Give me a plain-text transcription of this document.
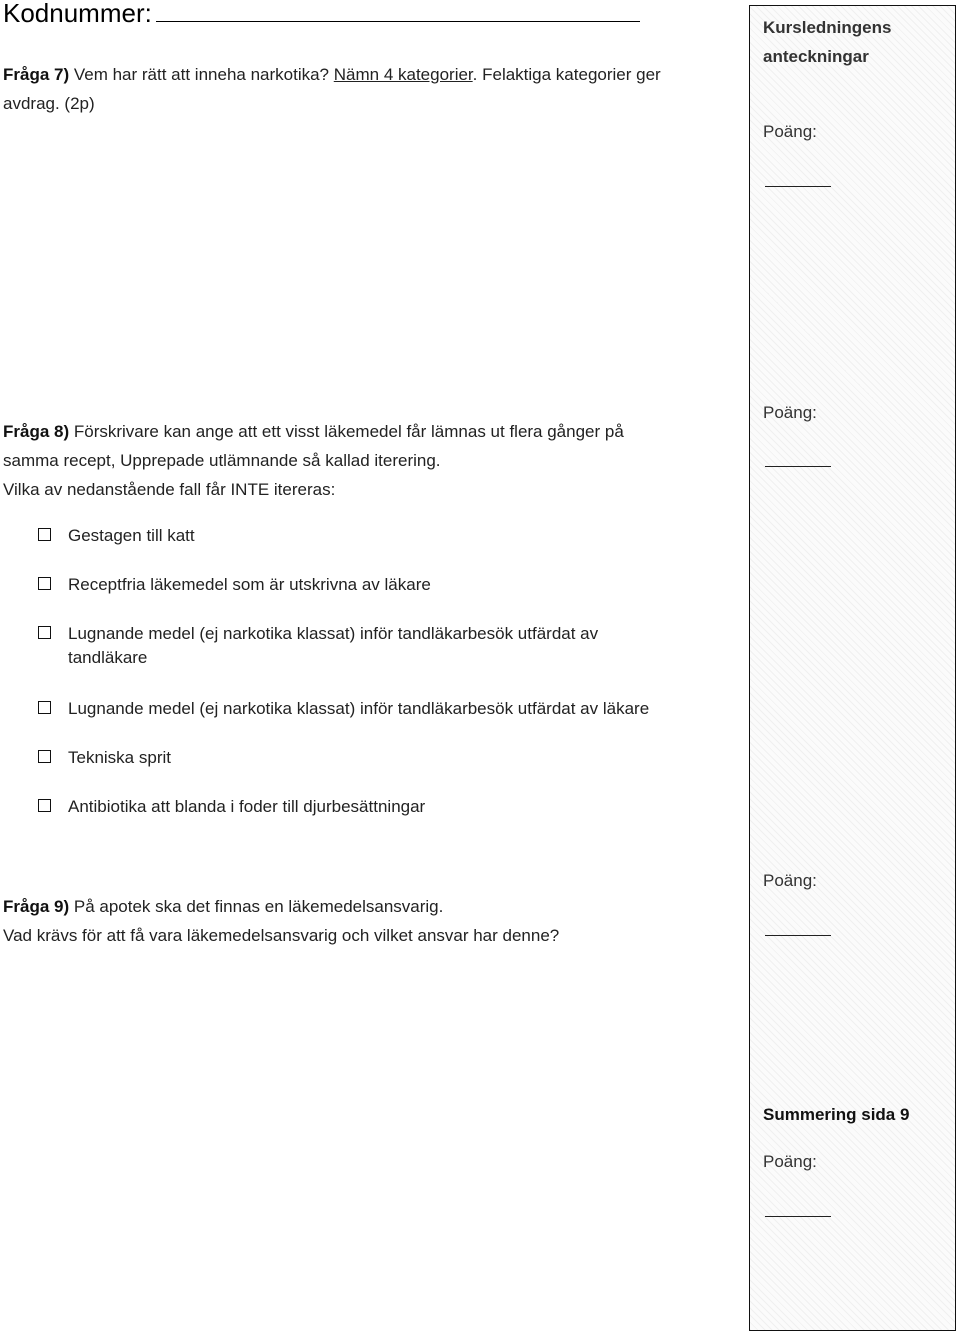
Kodnummer:
Fråga 7) Vem har rätt att inneha narkotika? Nämn 4 kategorier. Felaktiga kategorier ger
avdrag. (2p)
Fråga 8) Förskrivare kan ange att ett visst läkemedel får lämnas ut flera gånger på
samma recept, Upprepade utlämnande så kallad iterering.
Vilka av nedanstående fall får INTE itereras:
Gestagen till katt
Receptfria läkemedel som är utskrivna av läkare
Lugnande medel (ej narkotika klassat) inför tandläkarbesök utfärdat av
tandläkare
Lugnande medel (ej narkotika klassat) inför tandläkarbesök utfärdat av läkare
Tekniska sprit
Antibiotika att blanda i foder till djurbesättningar
Fråga 9) På apotek ska det finnas en läkemedelsansvarig.
Vad krävs för att få vara läkemedelsansvarig och vilket ansvar har denne?
Kursledningens
anteckningar
Poäng:
Poäng:
Poäng:
Summering sida 9
Poäng:
